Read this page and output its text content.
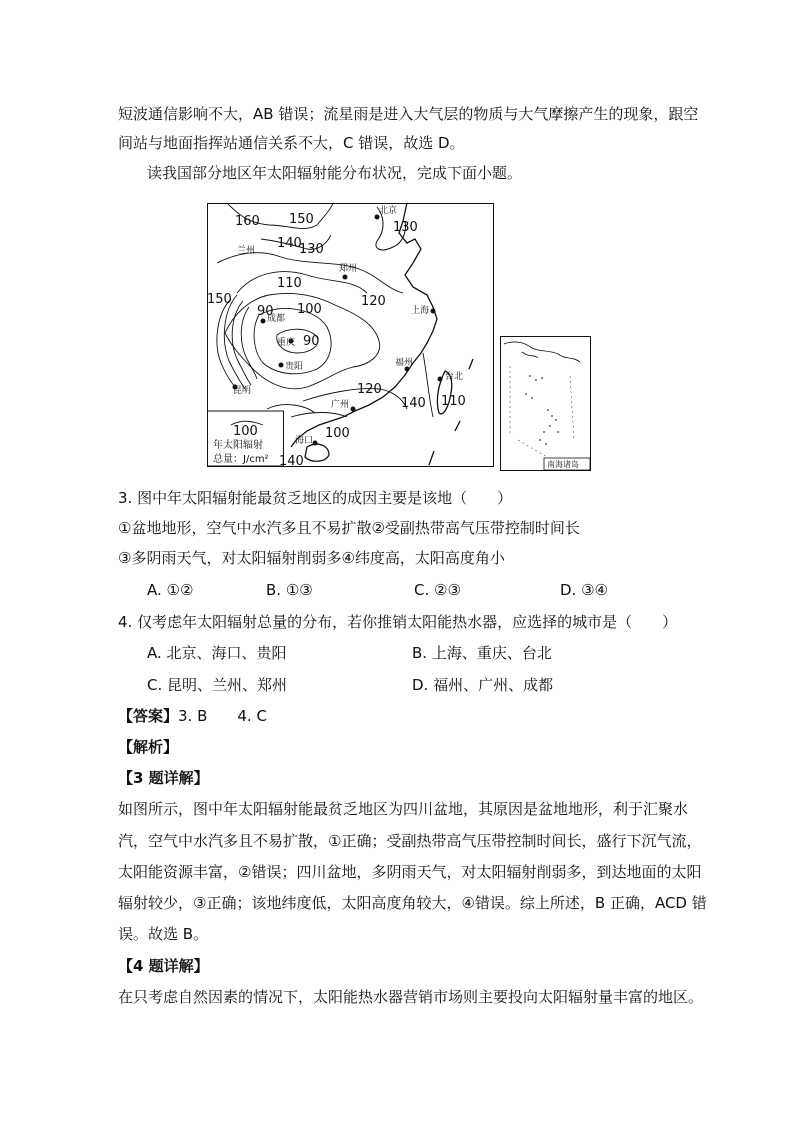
短波通信影响不大，AB 错误；流星雨是进入大气层的物质与大气摩擦产生的现象，跟空
间站与地面指挥站通信关系不大，C 错误，故选 D。
读我国部分地区年太阳辐射能分布状况，完成下面小题。
160 150
140
130
110
120
150
90 100
90
120
140 110
130
140
100
兰州
北京
郑州
上海
成都
重庆
贵阳	福州
台北
昆明
广州
海口
100
年太阳辐射
总量：J/cm²	南海诸岛
3. 图中年太阳辐射能最贫乏地区的成因主要是该地（　　）
①盆地地形，空气中水汽多且不易扩散②受副热带高气压带控制时间长
③多阴雨天气，对太阳辐射削弱多④纬度高，太阳高度角小
A. ①②	B. ①③	C. ②③	D. ③④
4. 仅考虑年太阳辐射总量的分布，若你推销太阳能热水器，应选择的城市是（　　）
A. 北京、海口、贵阳	B. 上海、重庆、台北
C. 昆明、兰州、郑州	D. 福州、广州、成都
【答案】3. B　　4. C
【解析】
【3 题详解】
如图所示，图中年太阳辐射能最贫乏地区为四川盆地，其原因是盆地地形，利于汇聚水
汽，空气中水汽多且不易扩散，①正确；受副热带高气压带控制时间长，盛行下沉气流，
太阳能资源丰富，②错误；四川盆地，多阴雨天气，对太阳辐射削弱多，到达地面的太阳
辐射较少，③正确；该地纬度低，太阳高度角较大，④错误。综上所述，B 正确，ACD 错
误。故选 B。
【4 题详解】
在只考虑自然因素的情况下，太阳能热水器营销市场则主要投向太阳辐射量丰富的地区。
